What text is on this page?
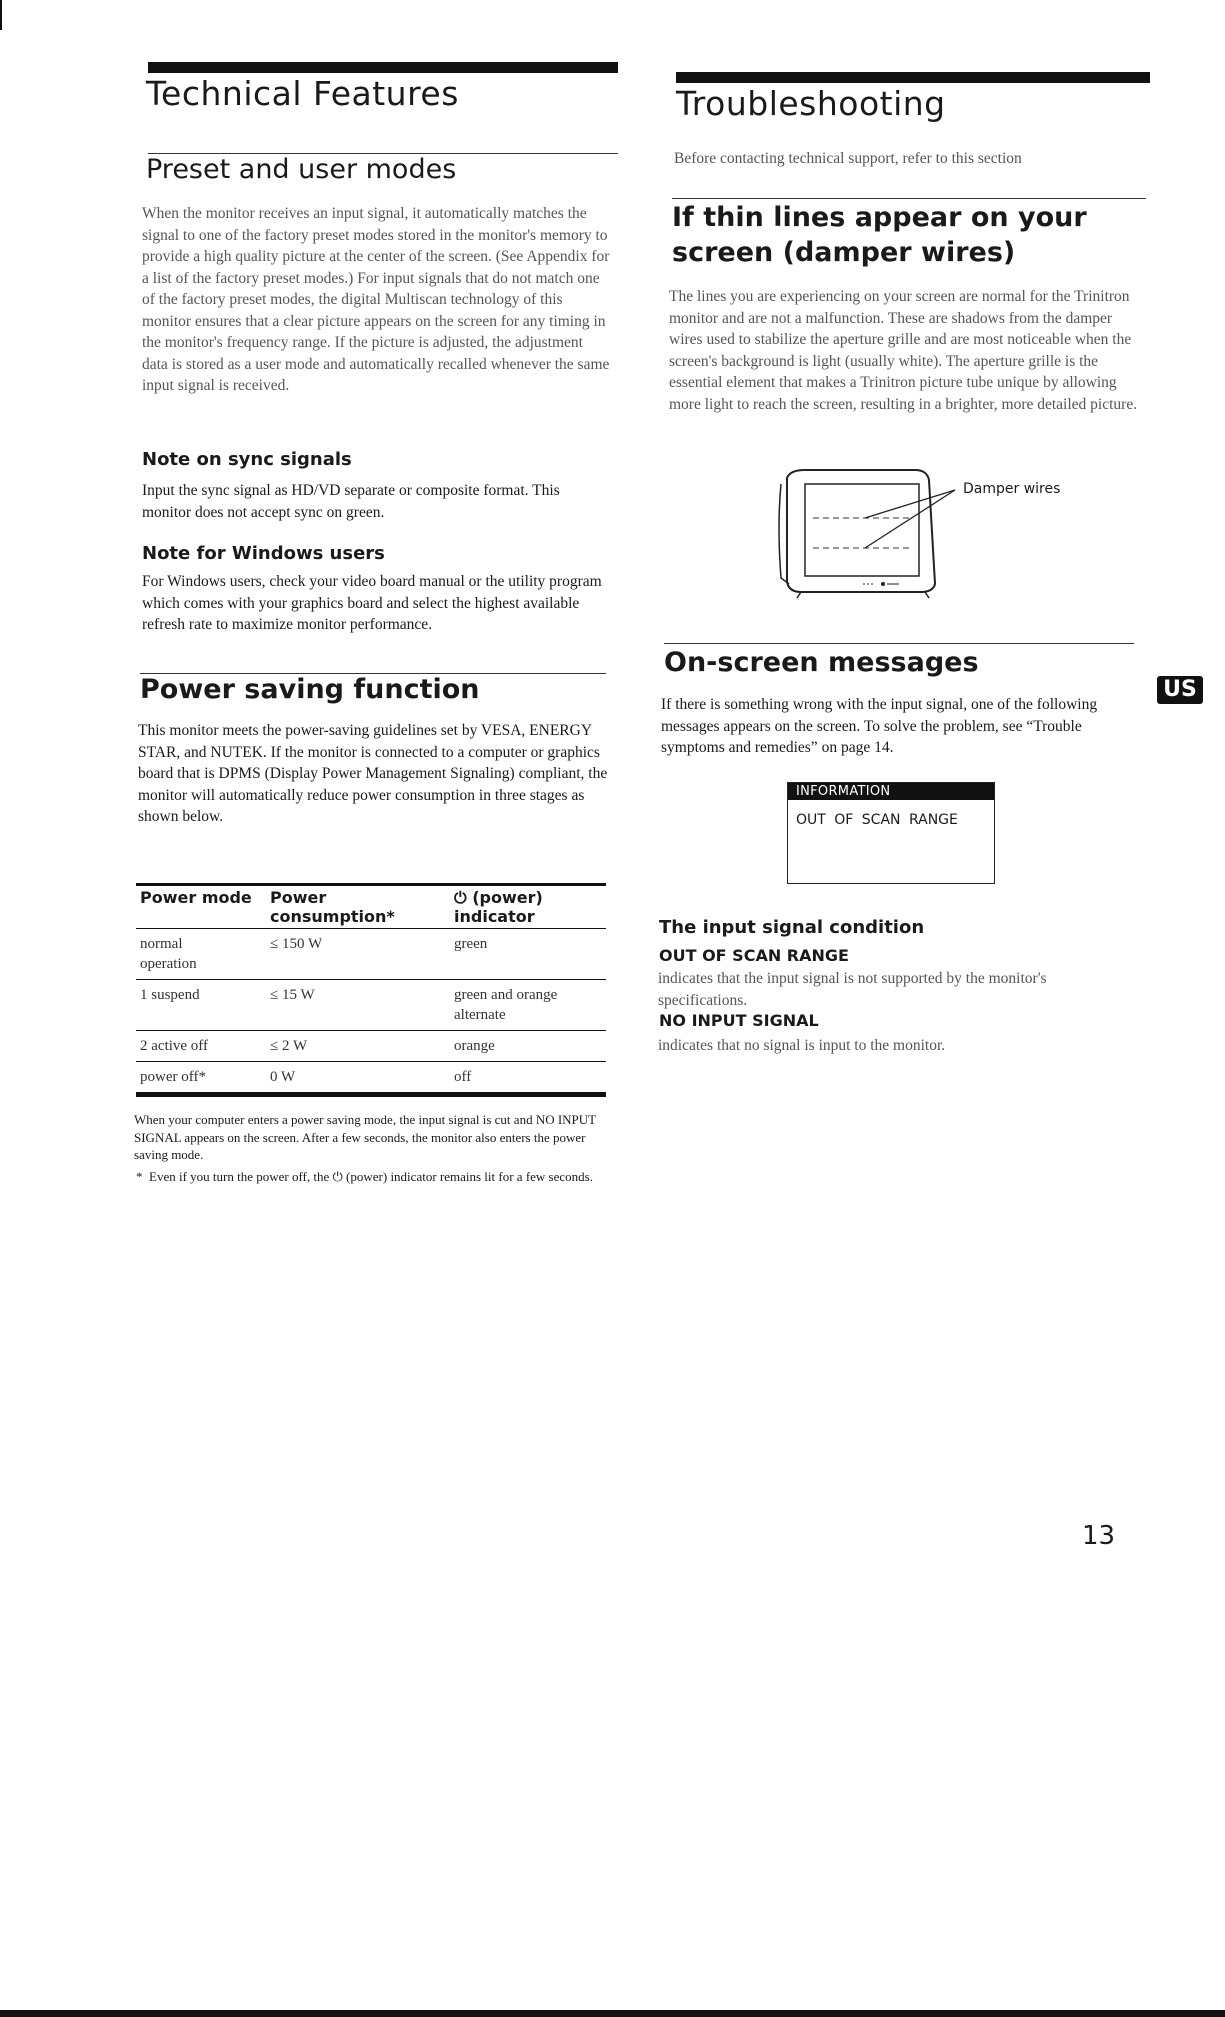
Technical Features
Preset and user modes
When the monitor receives an input signal, it automatically matches the signal to one of the factory preset modes stored in the monitor's memory to provide a high quality picture at the center of the screen. (See Appendix for a list of the factory preset modes.) For input signals that do not match one of the factory preset modes, the digital Multiscan technology of this monitor ensures that a clear picture appears on the screen for any timing in the monitor's frequency range. If the picture is adjusted, the adjustment data is stored as a user mode and automatically recalled whenever the same input signal is received.
Note on sync signals
Input the sync signal as HD/VD separate or composite format. This monitor does not accept sync on green.
Note for Windows users
For Windows users, check your video board manual or the utility program which comes with your graphics board and select the highest available refresh rate to maximize monitor performance.
Power saving function
This monitor meets the power-saving guidelines set by VESA, ENERGY STAR, and NUTEK. If the monitor is connected to a computer or graphics board that is DPMS (Display Power Management Signaling) compliant, the monitor will automatically reduce power consumption in three stages as shown below.
Power mode	Power consumption*	⏻ (power) indicator
normal operation	≤ 150 W	green
1 suspend	≤ 15 W	green and orange alternate
2 active off	≤ 2 W	orange
power off*	0 W	off
When your computer enters a power saving mode, the input signal is cut and NO INPUT SIGNAL appears on the screen. After a few seconds, the monitor also enters the power saving mode.
* Even if you turn the power off, the ⏻ (power) indicator remains lit for a few seconds.
Troubleshooting
Before contacting technical support, refer to this section
If thin lines appear on your screen (damper wires)
The lines you are experiencing on your screen are normal for the Trinitron monitor and are not a malfunction. These are shadows from the damper wires used to stabilize the aperture grille and are most noticeable when the screen's background is light (usually white). The aperture grille is the essential element that makes a Trinitron picture tube unique by allowing more light to reach the screen, resulting in a brighter, more detailed picture.
Damper wires
On-screen messages
If there is something wrong with the input signal, one of the following messages appears on the screen. To solve the problem, see “Trouble symptoms and remedies” on page 14.
INFORMATION
OUT OF SCAN RANGE
The input signal condition
OUT OF SCAN RANGE
indicates that the input signal is not supported by the monitor's specifications.
NO INPUT SIGNAL
indicates that no signal is input to the monitor.
US
13
